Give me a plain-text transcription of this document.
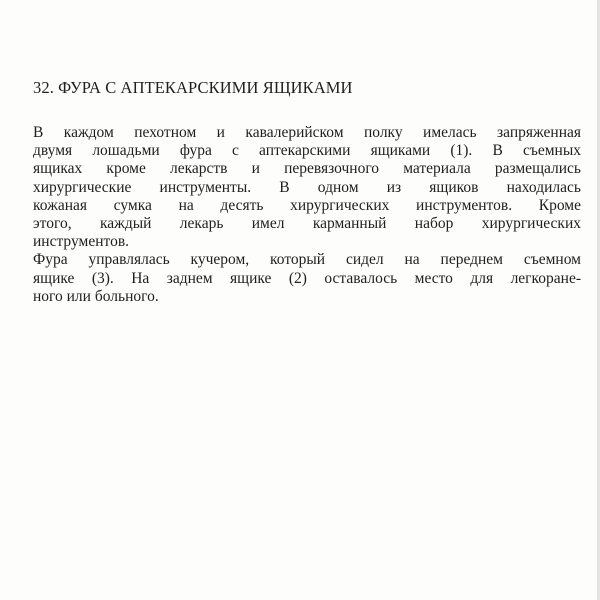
32. ФУРА С АПТЕКАРСКИМИ ЯЩИКАМИ

В каждом пехотном и кавалерийском полку имелась запряженная
двумя лошадьми фура с аптекарскими ящиками (1). В съемных
ящиках кроме лекарств и перевязочного материала размещались
хирургические инструменты. В одном из ящиков находилась
кожаная сумка на десять хирургических инструментов. Кроме
этого, каждый лекарь имел карманный набор хирургических
инструментов.

Фура управлялась кучером, который сидел на переднем съемном
ящике (3). На заднем ящике (2) оставалось место для легкоране-
ного или больного.
